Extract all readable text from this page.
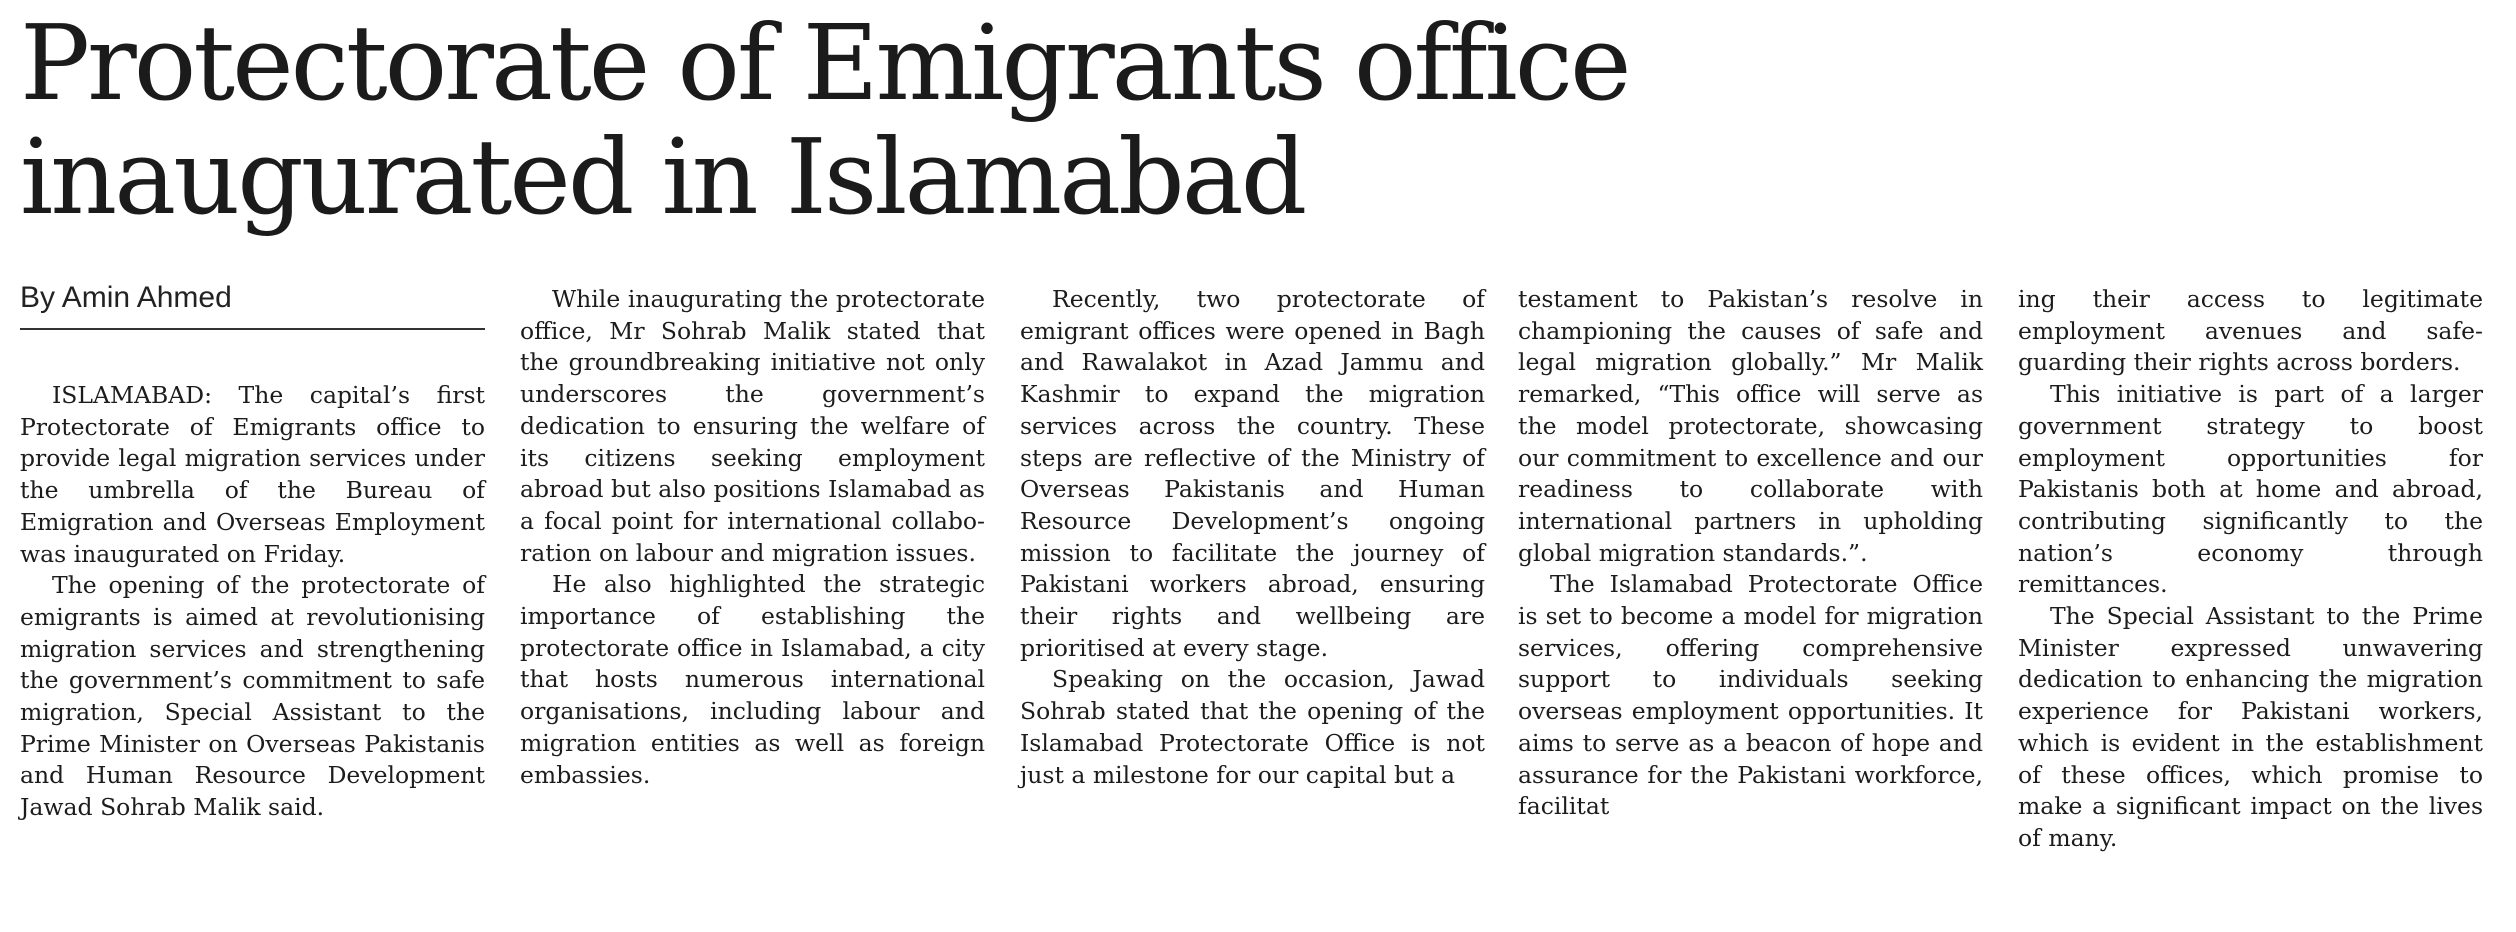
Protectorate of Emigrants office
inaugurated in Islamabad
By Amin Ahmed

ISLAMABAD: The capital’s first Protectorate of Emigrants office to provide legal migration services under the umbrella of the Bureau of Emigration and Overseas Employment was inaugurated on Friday.

The opening of the protectorate of emigrants is aimed at revolutionising migration services and strengthening the government’s commitment to safe migration, Special Assistant to the Prime Minister on Overseas Pakistanis and Human Resource Development Jawad Sohrab Malik said.

While inaugurating the protectorate office, Mr Sohrab Malik stated that the groundbreaking initiative not only underscores the government’s dedication to ensuring the welfare of its citizens seeking employment abroad but also positions Islamabad as a focal point for international collaboration on labour and migration issues.

He also highlighted the strategic importance of establishing the protectorate office in Islamabad, a city that hosts numerous international organisations, including labour and migration entities as well as foreign embassies.

Recently, two protectorate of emigrant offices were opened in Bagh and Rawalakot in Azad Jammu and Kashmir to expand the migration services across the country. These steps are reflective of the Ministry of Overseas Pakistanis and Human Resource Development’s ongoing mission to facilitate the journey of Pakistani workers abroad, ensuring their rights and wellbeing are prioritised at every stage.

Speaking on the occasion, Jawad Sohrab stated that the opening of the Islamabad Protectorate Office is not just a milestone for our capital but a

testament to Pakistan’s resolve in championing the causes of safe and legal migration globally.” Mr Malik remarked, “This office will serve as the model protectorate, showcasing our commitment to excellence and our readiness to collaborate with international partners in upholding global migration standards.”.

The Islamabad Protectorate Office is set to become a model for migration services, offering comprehensive support to individuals seeking overseas employment opportunities. It aims to serve as a beacon of hope and assurance for the Pakistani workforce, facilitat

ing their access to legitimate employment avenues and safeguarding their rights across borders.

This initiative is part of a larger government strategy to boost employment opportunities for Pakistanis both at home and abroad, contributing significantly to the nation’s economy through remittances.

The Special Assistant to the Prime Minister expressed unwavering dedication to enhancing the migration experience for Pakistani workers, which is evident in the establishment of these offices, which promise to make a significant impact on the lives of many.
